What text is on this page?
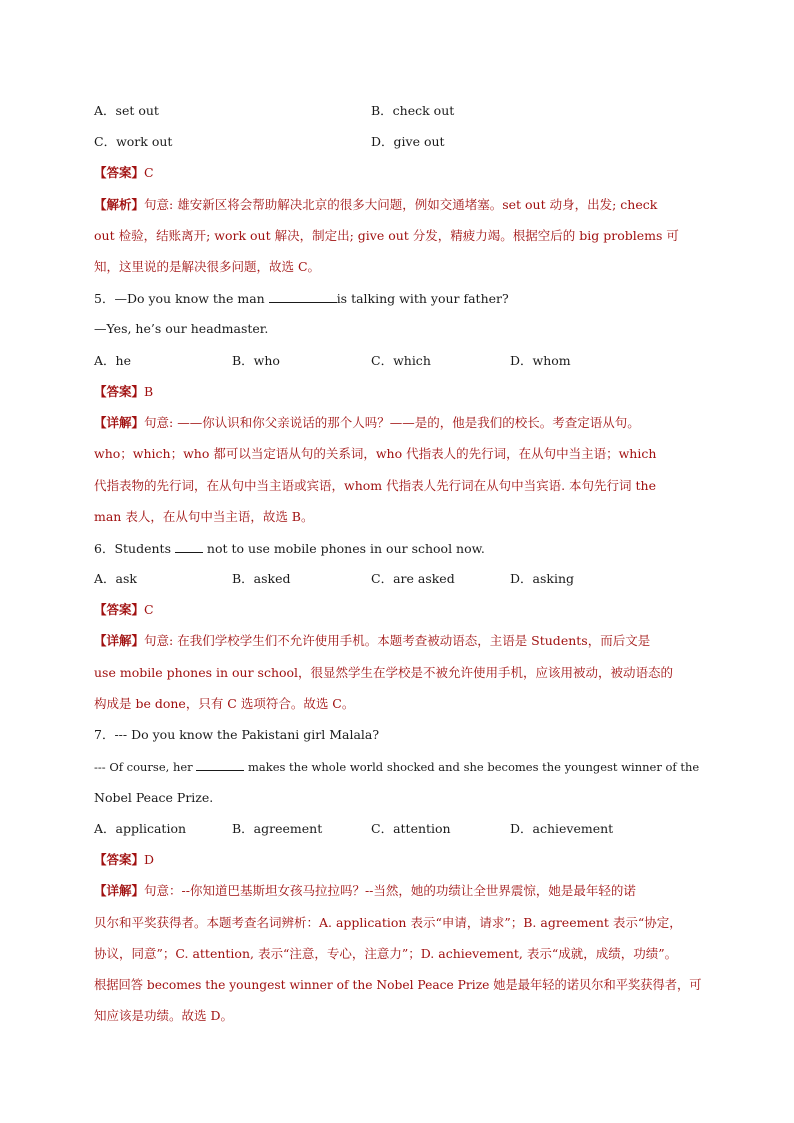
A．set out	B．check out
C．work out	D．give out
【答案】C
【解析】句意: 雄安新区将会帮助解决北京的很多大问题，例如交通堵塞。set out 动身，出发; check
out 检验，结账离开; work out 解决，制定出; give out 分发，精疲力竭。根据空后的 big problems 可
知，这里说的是解决很多问题，故选 C。
5．—Do you know the man	is talking with your father?
—Yes, he’s our headmaster.
A．he	B．who	C．which	D．whom
【答案】B
【详解】句意: ——你认识和你父亲说话的那个人吗？——是的，他是我们的校长。考查定语从句。
who；which；who 都可以当定语从句的关系词，who 代指表人的先行词，在从句中当主语；which
代指表物的先行词，在从句中当主语或宾语，whom 代指表人先行词在从句中当宾语. 本句先行词 the
man 表人，在从句中当主语，故选 B。
6．Students  not to use mobile phones in our school now.
A．ask	B．asked	C．are asked	D．asking
【答案】C
【详解】句意: 在我们学校学生们不允许使用手机。本题考查被动语态，主语是 Students，而后文是
use mobile phones in our school，很显然学生在学校是不被允许使用手机，应该用被动，被动语态的
构成是 be done，只有 C 选项符合。故选 C。
7．--- Do you know the Pakistani girl Malala?
--- Of course, her	makes the whole world shocked and she becomes the youngest winner of the
Nobel Peace Prize.
A．application	B．agreement	C．attention	D．achievement
【答案】D
【详解】句意：--你知道巴基斯坦女孩马拉拉吗？--当然，她的功绩让全世界震惊，她是最年轻的诺
贝尔和平奖获得者。本题考查名词辨析：A. application 表示“申请，请求”；B. agreement 表示“协定，
协议，同意”；C. attention, 表示“注意，专心，注意力”；D. achievement, 表示“成就，成绩，功绩”。
根据回答 becomes the youngest winner of the Nobel Peace Prize 她是最年轻的诺贝尔和平奖获得者，可
知应该是功绩。故选 D。
